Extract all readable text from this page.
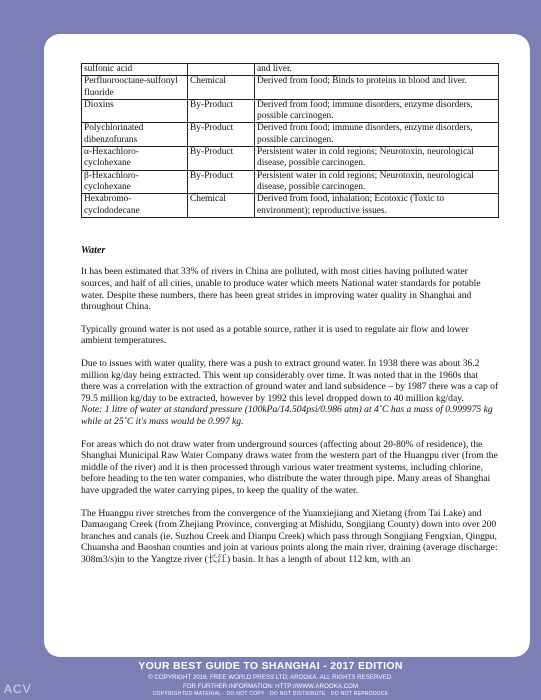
sulfonic acid		and liver.
Perfluorooctane-sulfonyl fluoride	Chemical	Derived from food; Binds to proteins in blood and liver.
Dioxins	By-Product	Derived from food; immune disorders, enzyme disorders, possible carcinogen.
Polychlorinated dibenzofurans	By-Product	Derived from food; immune disorders, enzyme disorders, possible carcinogen.
α-Hexachloro-cyclohexane	By-Product	Persistent water in cold regions; Neurotoxin, neurological disease, possible carcinogen.
β-Hexachloro-cyclohexane	By-Product	Persistent water in cold regions; Neurotoxin, neurological disease, possible carcinogen.
Hexabromo-cyclododecane	Chemical	Derived from food, inhalation; Ecotoxic (Toxic to environment); reproductive issues.
Water

It has been estimated that 33% of rivers in China are polluted, with most cities having polluted water sources, and half of all cities, unable to produce water which meets National water standards for potable water. Despite these numbers, there has been great strides in improving water quality in Shanghai and throughout China.

Typically ground water is not used as a potable source, rather it is used to regulate air flow and lower ambient temperatures.

Due to issues with water quality, there was a push to extract ground water. In 1938 there was about 36.2 million kg/day being extracted. This went up considerably over time. It was noted that in the 1960s that there was a correlation with the extraction of ground water and land subsidence – by 1987 there was a cap of 79.5 million kg/day to be extracted, however by 1992 this level dropped down to 40 million kg/day.

Note: 1 litre of water at standard pressure (100kPa/14.504psi/0.986 atm) at 4˚C has a mass of 0.999975 kg while at 25˚C it's mass would be 0.997 kg.

For areas which do not draw water from underground sources (affecting about 20-80% of residence), the Shanghai Municipal Raw Water Company draws water from the western part of the Huangpu river (from the middle of the river) and it is then processed through various water treatment systems, including chlorine, before heading to the ten water companies, who distribute the water through pipe. Many areas of Shanghai have upgraded the water carrying pipes, to keep the quality of the water.

The Huangpu river stretches from the convergence of the Yuanxiejiang and Xietang (from Tai Lake) and Damaogang Creek (from Zhejiang Province, converging at Mishidu, Songjiang County) down into over 200 branches and canals (ie. Suzhou Creek and Dianpu Creek) which pass through Songjiang Fengxian, Qingpu, Chuansha and Baoshan counties and join at various points along the main river, draining (average discharge: 308m3/s)in to the Yangtze river (长江) basin. It has a length of about 112 km, with an

YOUR BEST GUIDE TO SHANGHAI - 2017 EDITION
© COPYRIGHT 2016. FREE WORLD PRESS LTD; AROOKA. ALL RIGHTS RESERVED.
FOR FURTHER INFORMATION: HTTP://WWW.AROOKA.COM
COPYRIGHTED MATERIAL · DO NOT COPY · DO NOT DISTRIBUTE · DO NOT REPRODUCE
ACV
